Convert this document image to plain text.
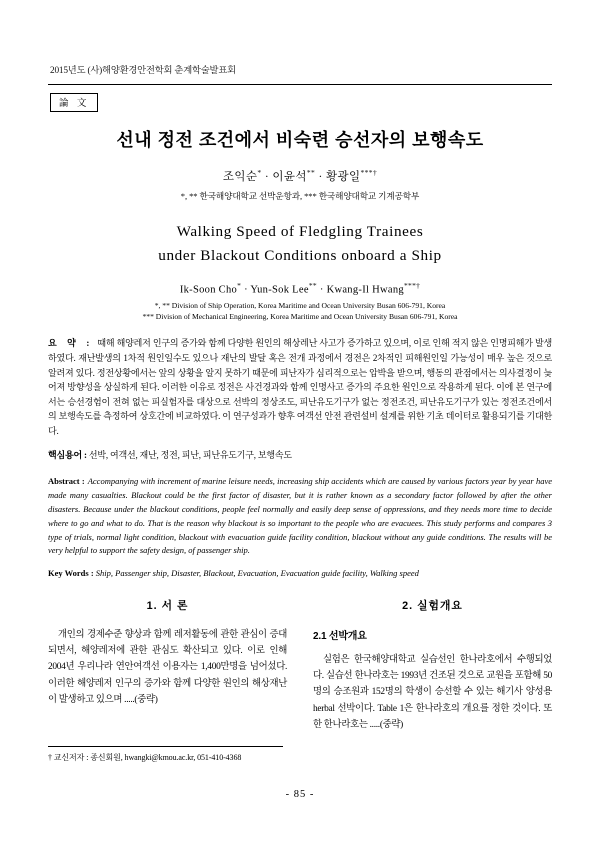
2015년도 (사)해양환경안전학회 춘계학술발표회
論 文
선내 정전 조건에서 비숙련 승선자의 보행속도
조익순* · 이윤석** · 황광일***†
*, ** 한국해양대학교 선박운항과, *** 한국해양대학교 기계공학부
Walking Speed of Fledgling Trainees
under Blackout Conditions onboard a Ship
Ik-Soon Cho* · Yun-Sok Lee** · Kwang-Il Hwang***†
*, ** Division of Ship Operation, Korea Maritime and Ocean University Busan 606-791, Korea
*** Division of Mechanical Engineering, Korea Maritime and Ocean University Busan 606-791, Korea

요 약 : 때해 해양레저 인구의 증가와 함께 다양한 원인의 해상레난 사고가 증가하고 있으며, 이로 인해 적지 않은 인명피해가 발생하였다. 재난발생의 1차적 원인일수도 있으나 재난의 발달 혹은 전개 과정에서 경전은 2차적인 피해원인일 가능성이 매우 높은 것으로 알려져 있다. 정전상황에서는 앞의 상황을 알지 못하기 때문에 피난자가 심리적으로는 압박을 받으며, 행동의 관점에서는 의사결정이 늦어져 방향성을 상실하게 된다. 이러한 이유로 정전은 사건경과와 함께 인명사고 증가의 주요한 원인으로 작용하게 된다. 이에 본 연구에서는 승선경험이 전혀 없는 피실험자를 대상으로 선박의 정상조도, 피난유도기구가 없는 정전조건, 피난유도기구가 있는 정전조건에서의 보행속도를 측정하여 상호간에 비교하였다. 이 연구성과가 향후 여객선 안전 관련설비 설계를 위한 기초 데이터로 활용되기를 기대한다.

핵심용어 : 선박, 여객선, 재난, 정전, 피난, 피난유도기구, 보행속도

Abstract : Accompanying with increment of marine leisure needs, increasing ship accidents which are caused by various factors year by year have made many casualties. Blackout could be the first factor of disaster, but it is rather known as a secondary factor followed by after the other disasters. Because under the blackout conditions, people feel normally and easily deep sense of oppressions, and they needs more time to decide where to go and what to do. That is the reason why blackout is so important to the people who are evacuees. This study performs and compares 3 type of trials, normal light condition, blackout with evacuation guide facility condition, blackout without any guide conditions. The results will be very helpful to support the safety design, of passenger ship.

Key Words : Ship, Passenger ship, Disaster, Blackout, Evacuation, Evacuation guide facility, Walking speed
1. 서 론

개인의 경제수준 향상과 함께 레저활동에 관한 관심이 증대되면서, 해양레저에 관한 관심도 확산되고 있다. 이로 인해 2004년 우리나라 연안여객선 이용자는 1,400만명을 넘어섰다. 이러한 해양레저 인구의 증가와 함께 다양한 원인의 해상재난이 발생하고 있으며 .....(중략)

2. 실험개요
2.1 선박개요

실험은 한국해양대학교 실습선인 한나라호에서 수행되었다. 실습선 한나라호는 1993년 건조된 것으로 교원을 포함해 50명의 승조원과 152명의 학생이 승선할 수 있는 해기사 양성용 herbal 선박이다. Table 1은 한나라호의 개요를 정한 것이다. 또한 한나라호는 .....(중략)

† 교신저자 : 종신회원, hwangki@kmou.ac.kr, 051-410-4368
- 85 -
